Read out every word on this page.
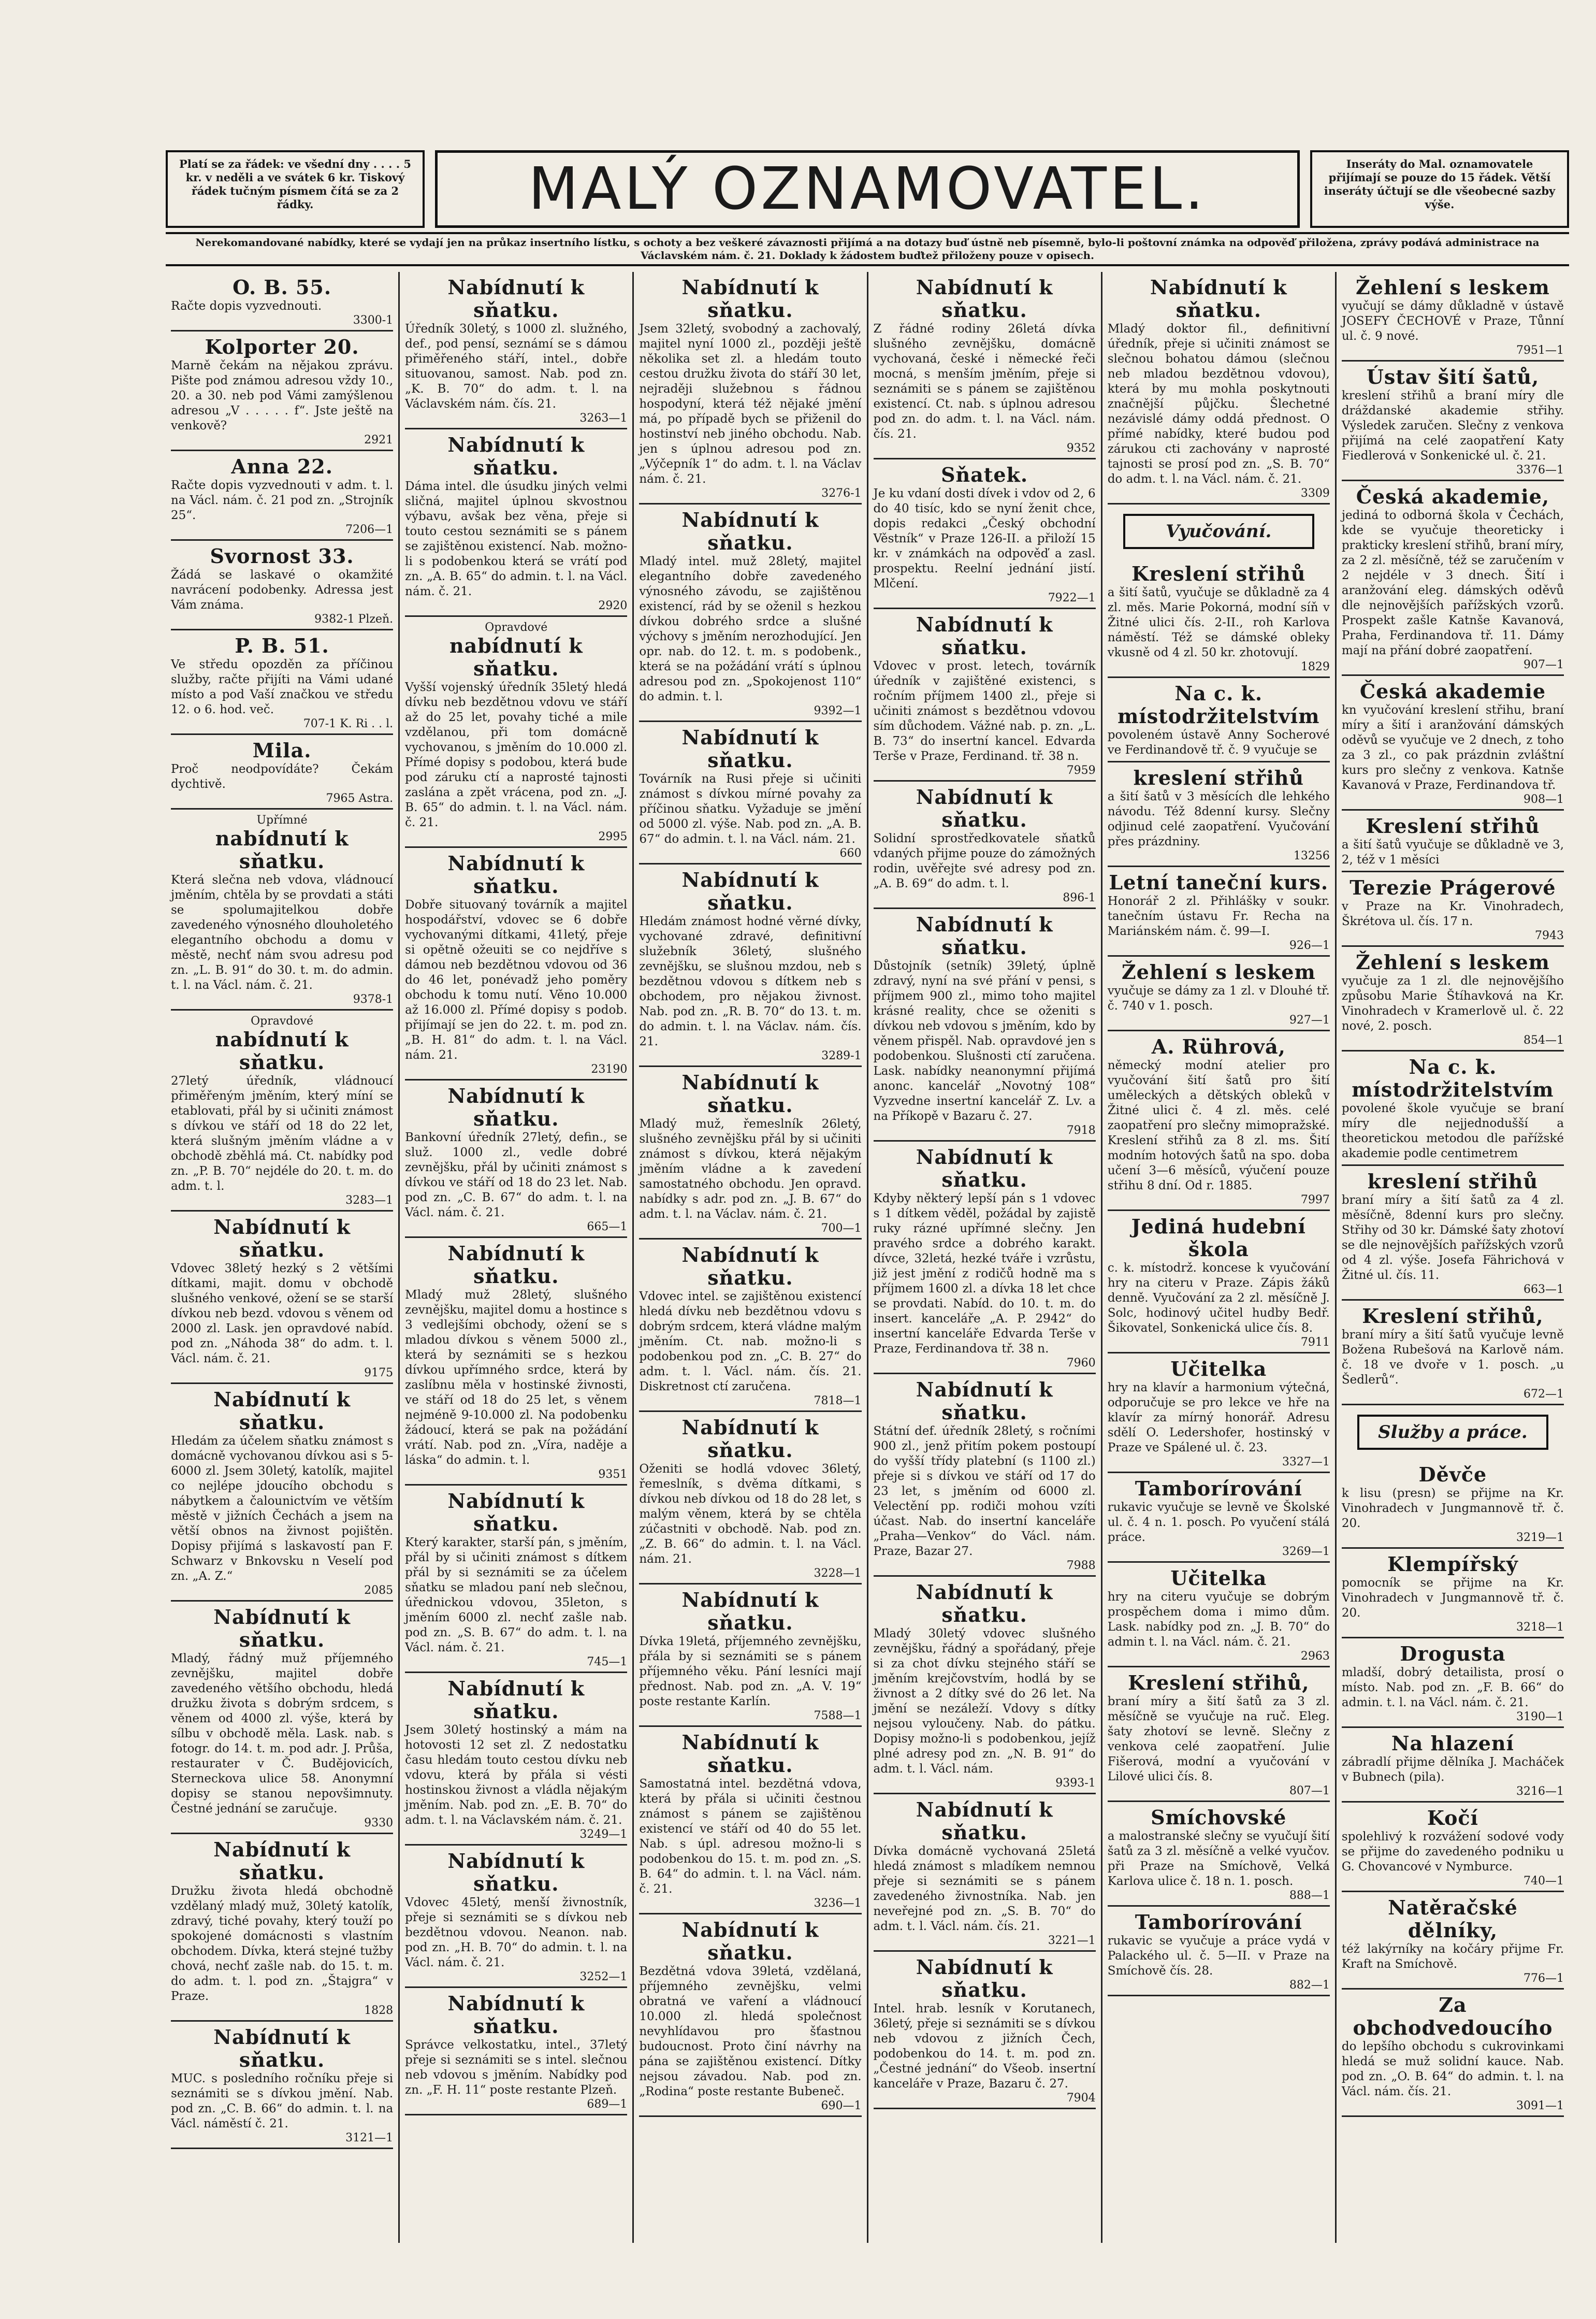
Platí se za řádek: ve všední dny . . . . 5 kr. v neděli a ve svátek 6 kr. Tiskový řádek tučným písmem čítá se za 2 řádky.	MALÝ OZNAMOVATEL.	Inseráty do Mal. oznamovatele přijímají se pouze do 15 řádek. Větší inseráty účtují se dle všeobecné sazby výše.
Nerekomandované nabídky, které se vydají jen na průkaz insertního lístku, s ochoty a bez veškeré závaznosti přijímá a na dotazy buď ústně neb písemně, bylo-li poštovní známka na odpověď přiložena, zprávy podává administrace na Václavském nám. č. 21. Doklady k žádostem buďtež přiloženy pouze v opisech.
O. B. 55.
Račte dopis vyzvednouti.
3300-1
Kolporter 20.
Marně čekám na nějakou zprávu. Pište pod známou adresou vždy 10., 20. a 30. neb pod Vámi zamýšlenou adresou „V . . . . . f“. Jste ještě na venkově?
2921
Anna 22.
Račte dopis vyzvednouti v adm. t. l. na Václ. nám. č. 21 pod zn. „Strojník 25“.
7206—1
Svornost 33.
Žádá se laskavé o okamžité navrácení podobenky. Adressa jest Vám známa.
9382-1 Plzeň.
P. B. 51.
Ve středu opozděn za příčinou služby, račte přijíti na Vámi udané místo a pod Vaší značkou ve středu 12. o 6. hod. več.
707-1 K. Ri . . l.
Mila.
Proč neodpovídáte? Čekám dychtivě.
7965 Astra.
Upřímné
nabídnutí k sňatku.
Která slečna neb vdova, vládnoucí jměním, chtěla by se provdati a státi se spolumajitelkou dobře zavedeného výnosného dlouholetého elegantního obchodu a domu v městě, nechť nám svou adresu pod zn. „L. B. 91“ do 30. t. m. do admin. t. l. na Václ. nám. č. 21.
9378-1
Opravdové
nabídnutí k sňatku.
27letý úředník, vládnoucí přiměřeným jměním, který míní se etablovati, přál by si učiniti známost s dívkou ve stáří od 18 do 22 let, která slušným jměním vládne a v obchodě zběhlá má. Ct. nabídky pod zn. „P. B. 70“ nejdéle do 20. t. m. do adm. t. l.
3283—1
Nabídnutí k sňatku.
Vdovec 38letý hezký s 2 většími dítkami, majit. domu v obchodě slušného venkové, ožení se se starší dívkou neb bezd. vdovou s věnem od 2000 zl. Lask. jen opravdové nabíd. pod zn. „Náhoda 38“ do adm. t. l. Václ. nám. č. 21.
9175
Nabídnutí k sňatku.
Hledám za účelem sňatku známost s domácně vychovanou dívkou asi s 5-6000 zl. Jsem 30letý, katolík, majitel co nejlépe jdoucího obchodu s nábytkem a čalounictvím ve větším městě v jižních Čechách a jsem na větší obnos na živnost pojištěn. Dopisy přijímá s laskavostí pan F. Schwarz v Bnkovsku n Veselí pod zn. „A. Z.“
2085
Nabídnutí k sňatku.
Mladý, řádný muž příjemného zevnějšku, majitel dobře zavedeného většího obchodu, hledá družku života s dobrým srdcem, s věnem od 4000 zl. výše, která by sílbu v obchodě měla. Lask. nab. s fotogr. do 14. t. m. pod adr. J. Průša, restaurater v Č. Budějovicích, Sterneckova ulice 58. Anonymní dopisy se stanou nepovšimnuty. Čestné jednání se zaručuje.
9330
Nabídnutí k sňatku.
Družku života hledá obchodně vzdělaný mladý muž, 30letý katolík, zdravý, tiché povahy, který touží po spokojené domácnosti s vlastním obchodem. Dívka, která stejné tužby chová, nechť zašle nab. do 15. t. m. do adm. t. l. pod zn. „Štajgra“ v Praze.
1828
Nabídnutí k sňatku.
MUC. s posledního ročníku přeje si seznámiti se s dívkou jmění. Nab. pod zn. „C. B. 66“ do admin. t. l. na Václ. náměstí č. 21.
3121—1
Nabídnutí k sňatku.
Úředník 30letý, s 1000 zl. služného, def., pod pensí, seznámí se s dámou přiměřeného stáří, intel., dobře situovanou, samost. Nab. pod zn. „K. B. 70“ do adm. t. l. na Václavském nám. čís. 21.
3263—1
Nabídnutí k sňatku.
Dáma intel. dle úsudku jiných velmi sličná, majitel úplnou skvostnou výbavu, avšak bez věna, přeje si touto cestou seznámiti se s pánem se zajištěnou existencí. Nab. možno-li s podobenkou která se vrátí pod zn. „A. B. 65“ do admin. t. l. na Václ. nám. č. 21.
2920
Opravdové
nabídnutí k sňatku.
Vyšší vojenský úředník 35letý hledá dívku neb bezdětnou vdovu ve stáří až do 25 let, povahy tiché a mile vzdělanou, při tom domácně vychovanou, s jměním do 10.000 zl. Přímé dopisy s podobou, která bude pod záruku ctí a naprosté tajnosti zaslána a zpět vrácena, pod zn. „J. B. 65“ do admin. t. l. na Václ. nám. č. 21.
2995
Nabídnutí k sňatku.
Dobře situovaný továrník a majitel hospodářství, vdovec se 6 dobře vychovanými dítkami, 41letý, přeje si opětně ožeuiti se co nejdříve s dámou neb bezdětnou vdovou od 36 do 46 let, ponévadž jeho poměry obchodu k tomu nutí. Věno 10.000 až 16.000 zl. Přímé dopisy s podob. přijímají se jen do 22. t. m. pod zn. „B. H. 81“ do adm. t. l. na Václ. nám. 21.
23190
Nabídnutí k sňatku.
Bankovní úředník 27letý, defin., se služ. 1000 zl., vedle dobré zevnějšku, přál by učiniti známost s dívkou ve stáří od 18 do 23 let. Nab. pod zn. „C. B. 67“ do adm. t. l. na Václ. nám. č. 21.
665—1
Nabídnutí k sňatku.
Mladý muž 28letý, slušného zevnějšku, majitel domu a hostince s 3 vedlejšími obchody, ožení se s mladou dívkou s věnem 5000 zl., která by seznámiti se s hezkou dívkou upřímného srdce, která by zaslíbnu měla v hostinské živnosti, ve stáří od 18 do 25 let, s věnem nejméně 9-10.000 zl. Na podobenku žádoucí, která se pak na požádání vrátí. Nab. pod zn. „Víra, naděje a láska“ do admin. t. l.
9351
Nabídnutí k sňatku.
Který karakter, starší pán, s jměním, přál by si učiniti známost s dítkem přál by si seznámiti se za účelem sňatku se mladou paní neb slečnou, úřednickou vdovou, 35leton, s jměním 6000 zl. nechť zašle nab. pod zn. „S. B. 67“ do adm. t. l. na Václ. nám. č. 21.
745—1
Nabídnutí k sňatku.
Jsem 30letý hostinský a mám na hotovosti 12 set zl. Z nedostatku času hledám touto cestou dívku neb vdovu, která by přála si vésti hostinskou živnost a vládla nějakým jměním. Nab. pod zn. „E. B. 70“ do adm. t. l. na Václavském nám. č. 21.
3249—1
Nabídnutí k sňatku.
Vdovec 45letý, menší živnostník, přeje si seznámiti se s dívkou neb bezdětnou vdovou. Neanon. nab. pod zn. „H. B. 70“ do admin. t. l. na Václ. nám. č. 21.
3252—1
Nabídnutí k sňatku.
Správce velkostatku, intel., 37letý přeje si seznámiti se s intel. slečnou neb vdovou s jměním. Nabídky pod zn. „F. H. 11“ poste restante Plzeň.
689—1
Nabídnutí k sňatku.
Jsem 32letý, svobodný a zachovalý, majitel nyní 1000 zl., později ještě několika set zl. a hledám touto cestou družku života do stáří 30 let, nejraději služebnou s řádnou hospodyní, která též nějaké jmění má, po případě bych se přiženil do hostinství neb jiného obchodu. Nab. jen s úplnou adresou pod zn. „Výčepník 1“ do adm. t. l. na Václav nám. č. 21.
3276-1
Nabídnutí k sňatku.
Mladý intel. muž 28letý, majitel elegantního dobře zavedeného výnosného závodu, se zajištěnou existencí, rád by se oženil s hezkou dívkou dobrého srdce a slušné výchovy s jměním nerozhodující. Jen opr. nab. do 12. t. m. s podobenk., která se na požádání vrátí s úplnou adresou pod zn. „Spokojenost 110“ do admin. t. l.
9392—1
Nabídnutí k sňatku.
Továrník na Rusi přeje si učiniti známost s dívkou mírné povahy za příčinou sňatku. Vyžaduje se jmění od 5000 zl. výše. Nab. pod zn. „A. B. 67“ do admin. t. l. na Václ. nám. 21.
660
Nabídnutí k sňatku.
Hledám známost hodné věrné dívky, vychované zdravé, definitivní služebník 36letý, slušného zevnějšku, se slušnou mzdou, neb s bezdětnou vdovou s dítkem neb s obchodem, pro nějakou živnost. Nab. pod zn. „R. B. 70“ do 13. t. m. do admin. t. l. na Václav. nám. čís. 21.
3289-1
Nabídnutí k sňatku.
Mladý muž, řemeslník 26letý, slušného zevnějšku přál by si učiniti známost s dívkou, která nějakým jměním vládne a k zavedení samostatného obchodu. Jen opravd. nabídky s adr. pod zn. „J. B. 67“ do adm. t. l. na Václav. nám. č. 21.
700—1
Nabídnutí k sňatku.
Vdovec intel. se zajištěnou existencí hledá dívku neb bezdětnou vdovu s dobrým srdcem, která vládne malým jměním. Ct. nab. možno-li s podobenkou pod zn. „C. B. 27“ do adm. t. l. Václ. nám. čís. 21. Diskretnost ctí zaručena.
7818—1
Nabídnutí k sňatku.
Oženiti se hodlá vdovec 36letý, řemeslník, s dvěma dítkami, s dívkou neb dívkou od 18 do 28 let, s malým věnem, která by se chtěla zúčastniti v obchodě. Nab. pod zn. „Z. B. 66“ do admin. t. l. na Václ. nám. 21.
3228—1
Nabídnutí k sňatku.
Dívka 19letá, příjemného zevnějšku, přála by si seznámiti se s pánem příjemného věku. Pání lesníci mají přednost. Nab. pod zn. „A. V. 19“ poste restante Karlín.
7588—1
Nabídnutí k sňatku.
Samostatná intel. bezdětná vdova, která by přála si učiniti čestnou známost s pánem se zajištěnou existencí ve stáří od 40 do 55 let. Nab. s úpl. adresou možno-li s podobenkou do 15. t. m. pod zn. „S. B. 64“ do admin. t. l. na Václ. nám. č. 21.
3236—1
Nabídnutí k sňatku.
Bezdětná vdova 39letá, vzdělaná, příjemného zevnějšku, velmi obratná ve vaření a vládnoucí 10.000 zl. hledá společnost nevyhlídavou pro šťastnou budoucnost. Proto činí návrhy na pána se zajištěnou existencí. Dítky nejsou závadou. Nab. pod zn. „Rodina“ poste restante Bubeneč.
690—1
Nabídnutí k sňatku.
Z řádné rodiny 26letá dívka slušného zevnějšku, domácně vychovaná, české i německé řeči mocná, s menším jměním, přeje si seznámiti se s pánem se zajištěnou existencí. Ct. nab. s úplnou adresou pod zn. do adm. t. l. na Václ. nám. čís. 21.
9352
Sňatek.
Je ku vdaní dosti dívek i vdov od 2, 6 do 40 tisíc, kdo se nyní ženit chce, dopis redakci „Český obchodní Věstník“ v Praze 126-II. a přiloží 15 kr. v známkách na odpověď a zasl. prospektu. Reelní jednání jistí. Mlčení.
7922—1
Nabídnutí k sňatku.
Vdovec v prost. letech, továrník úředník v zajištěné existenci, s ročním příjmem 1400 zl., přeje si učiniti známost s bezdětnou vdovou sím důchodem. Vážné nab. p. zn. „L. B. 73“ do insertní kancel. Edvarda Terše v Praze, Ferdinand. tř. 38 n.
7959
Nabídnutí k sňatku.
Solidní sprostředkovatele sňatků vdaných přijme pouze do zámožných rodin, uvěřejte své adresy pod zn. „A. B. 69“ do adm. t. l.
896-1
Nabídnutí k sňatku.
Důstojník (setník) 39letý, úplně zdravý, nyní na své přání v pensi, s příjmem 900 zl., mimo toho majitel krásné reality, chce se oženiti s dívkou neb vdovou s jměním, kdo by věnem přispěl. Nab. opravdové jen s podobenkou. Slušnosti ctí zaručena. Lask. nabídky neanonymní přijímá anonc. kancelář „Novotný 108“ Vyzvedne insertní kancelář Z. Lv. a na Příkopě v Bazaru č. 27.
7918
Nabídnutí k sňatku.
Kdyby některý lepší pán s 1 vdovec s 1 dítkem věděl, požádal by zajistě ruky rázné upřímné slečny. Jen pravého srdce a dobrého karakt. dívce, 32letá, hezké tváře i vzrůstu, již jest jmění z rodičů hodně ma s příjmem 1600 zl. a dívka 18 let chce se provdati. Nabíd. do 10. t. m. do insert. kanceláře „A. P. 2942“ do insertní kanceláře Edvarda Terše v Praze, Ferdinandova tř. 38 n.
7960
Nabídnutí k sňatku.
Státní def. úředník 28letý, s ročními 900 zl., jenž přitím pokem postoupí do vyšší třídy platební (s 1100 zl.) přeje si s dívkou ve stáří od 17 do 23 let, s jměním od 6000 zl. Velectění pp. rodiči mohou vzíti účast. Nab. do insertní kanceláře „Praha—Venkov“ do Václ. nám. Praze, Bazar 27.
7988
Nabídnutí k sňatku.
Mladý 30letý vdovec slušného zevnějšku, řádný a spořádaný, přeje si za chot dívku stejného stáří se jměním krejčovstvím, hodlá by se živnost a 2 dítky své do 26 let. Na jmění se nezáleží. Vdovy s dítky nejsou vyloučeny. Nab. do pátku. Dopisy možno-li s podobenkou, jejíž plné adresy pod zn. „N. B. 91“ do adm. t. l. Václ. nám.
9393-1
Nabídnutí k sňatku.
Dívka domácně vychovaná 25letá hledá známost s mladíkem nemnou přeje si seznámiti se s pánem zavedeného živnostníka. Nab. jen neveřejné pod zn. „S. B. 70“ do adm. t. l. Václ. nám. čís. 21.
3221—1
Nabídnutí k sňatku.
Intel. hrab. lesník v Korutanech, 36letý, přeje si seznámiti se s dívkou neb vdovou z jižních Čech, podobenkou do 14. t. m. pod zn. „Čestné jednání“ do Všeob. insertní kanceláře v Praze, Bazaru č. 27.
7904
Nabídnutí k sňatku.
Mladý doktor fil., definitivní úředník, přeje si učiniti známost se slečnou bohatou dámou (slečnou neb mladou bezdětnou vdovou), která by mu mohla poskytnouti značnější půjčku. Šlechetné nezávislé dámy oddá přednost. O přímé nabídky, které budou pod zárukou cti zachovány v naprosté tajnosti se prosí pod zn. „S. B. 70“ do adm. t. l. na Václ. nám. č. 21.
3309
Vyučování.
Kreslení střihů
a šití šatů, vyučuje se důkladně za 4 zl. měs. Marie Pokorná, modní síň v Žitné ulici čís. 2-II., roh Karlova náměstí. Též se dámské obleky vkusně od 4 zl. 50 kr. zhotovují.
1829
Na c. k. místodržitelstvím
povoleném ústavě Anny Socherové ve Ferdinandově tř. č. 9 vyučuje se
kreslení střihů
a šití šatů v 3 měsících dle lehkého návodu. Též 8denní kursy. Slečny odjinud celé zaopatření. Vyučování přes prázdniny.
13256
Letní taneční kurs.
Honorář 2 zl. Přihlášky v soukr. tanečním ústavu Fr. Recha na Mariánském nám. č. 99—I.
926—1
Žehlení s leskem
vyučuje se dámy za 1 zl. v Dlouhé tř. č. 740 v 1. posch.
927—1
A. Rührová,
německý modní atelier pro vyučování šití šatů pro šití uměleckých a dětských obleků v Žitné ulici č. 4 zl. měs. celé zaopatření pro slečny mimopražské. Kreslení střihů za 8 zl. ms. Šití modním hotových šatů na spo. doba učení 3—6 měsíců, výučení pouze střihu 8 dní. Od r. 1885.
7997
Jediná hudební škola
c. k. místodrž. koncese k vyučování hry na citeru v Praze. Zápis žáků denně. Vyučování za 2 zl. měsíčně J. Solc, hodinový učitel hudby Bedř. Šikovatel, Sonkenická ulice čís. 8.
7911
Učitelka
hry na klavír a harmonium výtečná, odporučuje se pro lekce ve hře na klavír za mírný honorář. Adresu sdělí O. Ledershofer, hostinský v Praze ve Spálené ul. č. 23.
3327—1
Tamborírování
rukavic vyučuje se levně ve Školské ul. č. 4 n. 1. posch. Po vyučení stálá práce.
3269—1
Učitelka
hry na citeru vyučuje se dobrým prospěchem doma i mimo dům. Lask. nabídky pod zn. „J. B. 70“ do admin t. l. na Václ. nám. č. 21.
2963
Kreslení střihů,
braní míry a šití šatů za 3 zl. měsíčně se vyučuje na ruč. Eleg. šaty zhotoví se levně. Slečny z venkova celé zaopatření. Julie Fišerová, modní a vyučování v Lilové ulici čís. 8.
807—1
Smíchovské
a malostranské slečny se vyučují šití šatů za 3 zl. měsíčně a velké vyučov. při Praze na Smíchově, Velká Karlova ulice č. 18 n. 1. posch.
888—1
Tamborírování
rukavic se vyučuje a práce vydá v Palackého ul. č. 5—II. v Praze na Smíchově čís. 28.
882—1
Žehlení s leskem
vyučují se dámy důkladně v ústavě JOSEFY ČECHOVÉ v Praze, Tůnní ul. č. 9 nové.
7951—1
Ústav šití šatů,
kreslení střihů a braní míry dle dráždanské akademie střihy. Výsledek zaručen. Slečny z venkova přijímá na celé zaopatření Katy Fiedlerová v Sonkenické ul. č. 21.
3376—1
Česká akademie,
jediná to odborná škola v Čechách, kde se vyučuje theoreticky i prakticky kreslení střihů, braní míry, za 2 zl. měsíčně, též se zaručením v 2 nejdéle v 3 dnech. Šití i aranžování eleg. dámských oděvů dle nejnovějších pařížských vzorů. Prospekt zašle Katnše Kavanová, Praha, Ferdinandova tř. 11. Dámy mají na přání dobré zaopatření.
907—1
Česká akademie
kn vyučování kreslení střihu, braní míry a šití i aranžování dámských oděvů se vyučuje ve 2 dnech, z toho za 3 zl., co pak prázdnin zvláštní kurs pro slečny z venkova. Katnše Kavanová v Praze, Ferdinandova tř.
908—1
Kreslení střihů
a šití šatů vyučuje se důkladně ve 3, 2, též v 1 měsíci
Terezie Prágerové
v Praze na Kr. Vinohradech, Škrétova ul. čís. 17 n.
7943
Žehlení s leskem
vyučuje za 1 zl. dle nejnovějšího způsobu Marie Štíhavková na Kr. Vinohradech v Kramerlově ul. č. 22 nové, 2. posch.
854—1
Na c. k. místodržitelstvím
povolené škole vyučuje se braní míry dle nejjednodušší a theoretickou metodou dle pařížské akademie podle centimetrem
kreslení střihů
braní míry a šití šatů za 4 zl. měsíčně, 8denní kurs pro slečny. Střihy od 30 kr. Dámské šaty zhotoví se dle nejnovějších pařížských vzorů od 4 zl. výše. Josefa Fährichová v Žitné ul. čís. 11.
663—1
Kreslení střihů,
braní míry a šití šatů vyučuje levně Božena Rubešová na Karlově nám. č. 18 ve dvoře v 1. posch. „u Šedlerů“.
672—1
Služby a práce.
Děvče
k lisu (presn) se přijme na Kr. Vinohradech v Jungmannově tř. č. 20.
3219—1
Klempířský
pomocník se přijme na Kr. Vinohradech v Jungmannově tř. č. 20.
3218—1
Drogusta
mladší, dobrý detailista, prosí o místo. Nab. pod zn. „F. B. 66“ do admin. t. l. na Václ. nám. č. 21.
3190—1
Na hlazení
zábradlí přijme dělníka J. Macháček v Bubnech (pila).
3216—1
Kočí
spolehlivý k rozvážení sodové vody se přijme do zavedeného podniku u G. Chovancové v Nymburce.
740—1
Natěračské dělníky,
též lakýrníky na kočáry přijme Fr. Kraft na Smíchově.
776—1
Za obchodvedoucího
do lepšího obchodu s cukrovinkami hledá se muž solidní kauce. Nab. pod zn. „O. B. 64“ do admin. t. l. na Václ. nám. čís. 21.
3091—1
